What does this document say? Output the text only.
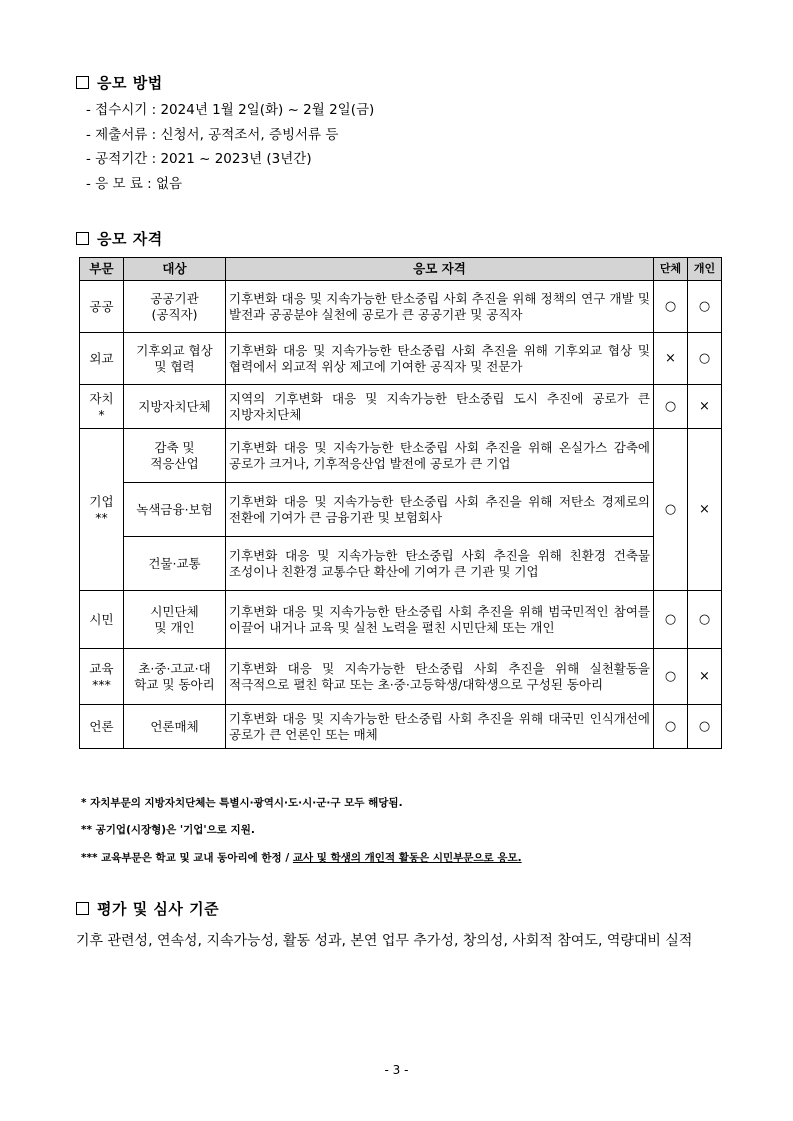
응모 방법
- 접수시기 : 2024년 1월 2일(화) ~ 2월 2일(금)
- 제출서류 : 신청서, 공적조서, 증빙서류 등
- 공적기간 : 2021 ~ 2023년 (3년간)
- 응 모 료 : 없음
응모 자격
부문	대상	응모 자격	단체	개인
공공	공공기관
(공직자)	기후변화 대응 및 지속가능한 탄소중립 사회 추진을 위해 정책의 연구 개발 및 발전과 공공분야 실천에 공로가 큰 공공기관 및 공직자	○	○
외교	기후외교 협상
및 협력	기후변화 대응 및 지속가능한 탄소중립 사회 추진을 위해 기후외교 협상 및 협력에서 외교적 위상 제고에 기여한 공직자 및 전문가	×	○
자치
*	지방자치단체	지역의 기후변화 대응 및 지속가능한 탄소중립 도시 추진에 공로가 큰 지방자치단체	○	×
기업
**	감축 및
적응산업	기후변화 대응 및 지속가능한 탄소중립 사회 추진을 위해 온실가스 감축에 공로가 크거나, 기후적응산업 발전에 공로가 큰 기업	○	×
	녹색금융·보험	기후변화 대응 및 지속가능한 탄소중립 사회 추진을 위해 저탄소 경제로의 전환에 기여가 큰 금융기관 및 보험회사		
	건물·교통	기후변화 대응 및 지속가능한 탄소중립 사회 추진을 위해 친환경 건축물 조성이나 친환경 교통수단 확산에 기여가 큰 기관 및 기업		
시민	시민단체
및 개인	기후변화 대응 및 지속가능한 탄소중립 사회 추진을 위해 범국민적인 참여를 이끌어 내거나 교육 및 실천 노력을 펼친 시민단체 또는 개인	○	○
교육
***	초·중·고교·대
학교 및 동아리	기후변화 대응 및 지속가능한 탄소중립 사회 추진을 위해 실천활동을 적극적으로 펼친 학교 또는 초·중·고등학생/대학생으로 구성된 동아리	○	×
언론	언론매체	기후변화 대응 및 지속가능한 탄소중립 사회 추진을 위해 대국민 인식개선에 공로가 큰 언론인 또는 매체	○	○
* 자치부문의 지방자치단체는 특별시·광역시·도·시·군·구 모두 해당됨.
** 공기업(시장형)은 '기업'으로 지원.
*** 교육부문은 학교 및 교내 동아리에 한정 / 교사 및 학생의 개인적 활동은 시민부문으로 응모.
평가 및 심사 기준
기후 관련성, 연속성, 지속가능성, 활동 성과, 본연 업무 추가성, 창의성, 사회적 참여도, 역량대비 실적
- 3 -
